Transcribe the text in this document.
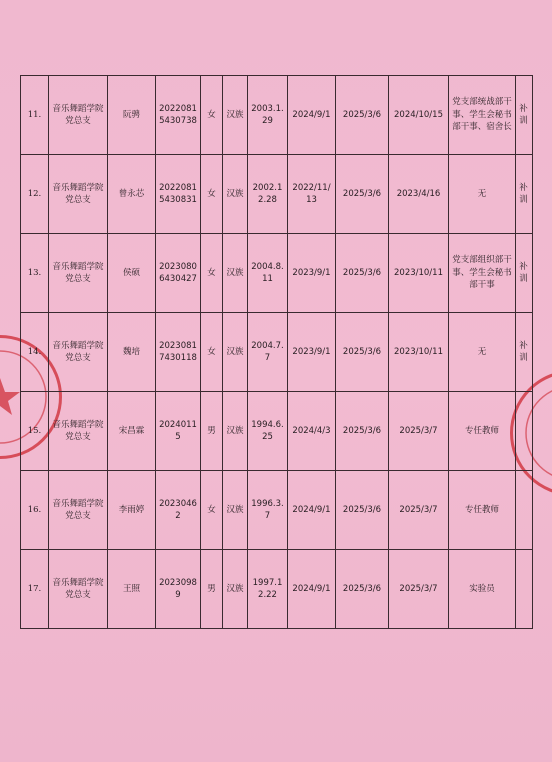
11.	音乐舞蹈学院党总支	阮骋	20220815430738	女	汉族	2003.1.29	2024/9/1	2025/3/6	2024/10/15	党支部统战部干事、学生会秘书部干事、宿舍长	补训
12.	音乐舞蹈学院党总支	曾永芯	20220815430831	女	汉族	2002.12.28	2022/11/13	2025/3/6	2023/4/16	无	补训
13.	音乐舞蹈学院党总支	侯硕	20230806430427	女	汉族	2004.8.11	2023/9/1	2025/3/6	2023/10/11	党支部组织部干事、学生会秘书部干事	补训
14.	音乐舞蹈学院党总支	魏培	20230817430118	女	汉族	2004.7.7	2023/9/1	2025/3/6	2023/10/11	无	补训
15.	音乐舞蹈学院党总支	宋昌霖	20240115	男	汉族	1994.6.25	2024/4/3	2025/3/6	2025/3/7	专任教师	
16.	音乐舞蹈学院党总支	李雨婷	20230462	女	汉族	1996.3.7	2024/9/1	2025/3/6	2025/3/7	专任教师	
17.	音乐舞蹈学院党总支	王照	20230989	男	汉族	1997.12.22	2024/9/1	2025/3/6	2025/3/7	实验员	
